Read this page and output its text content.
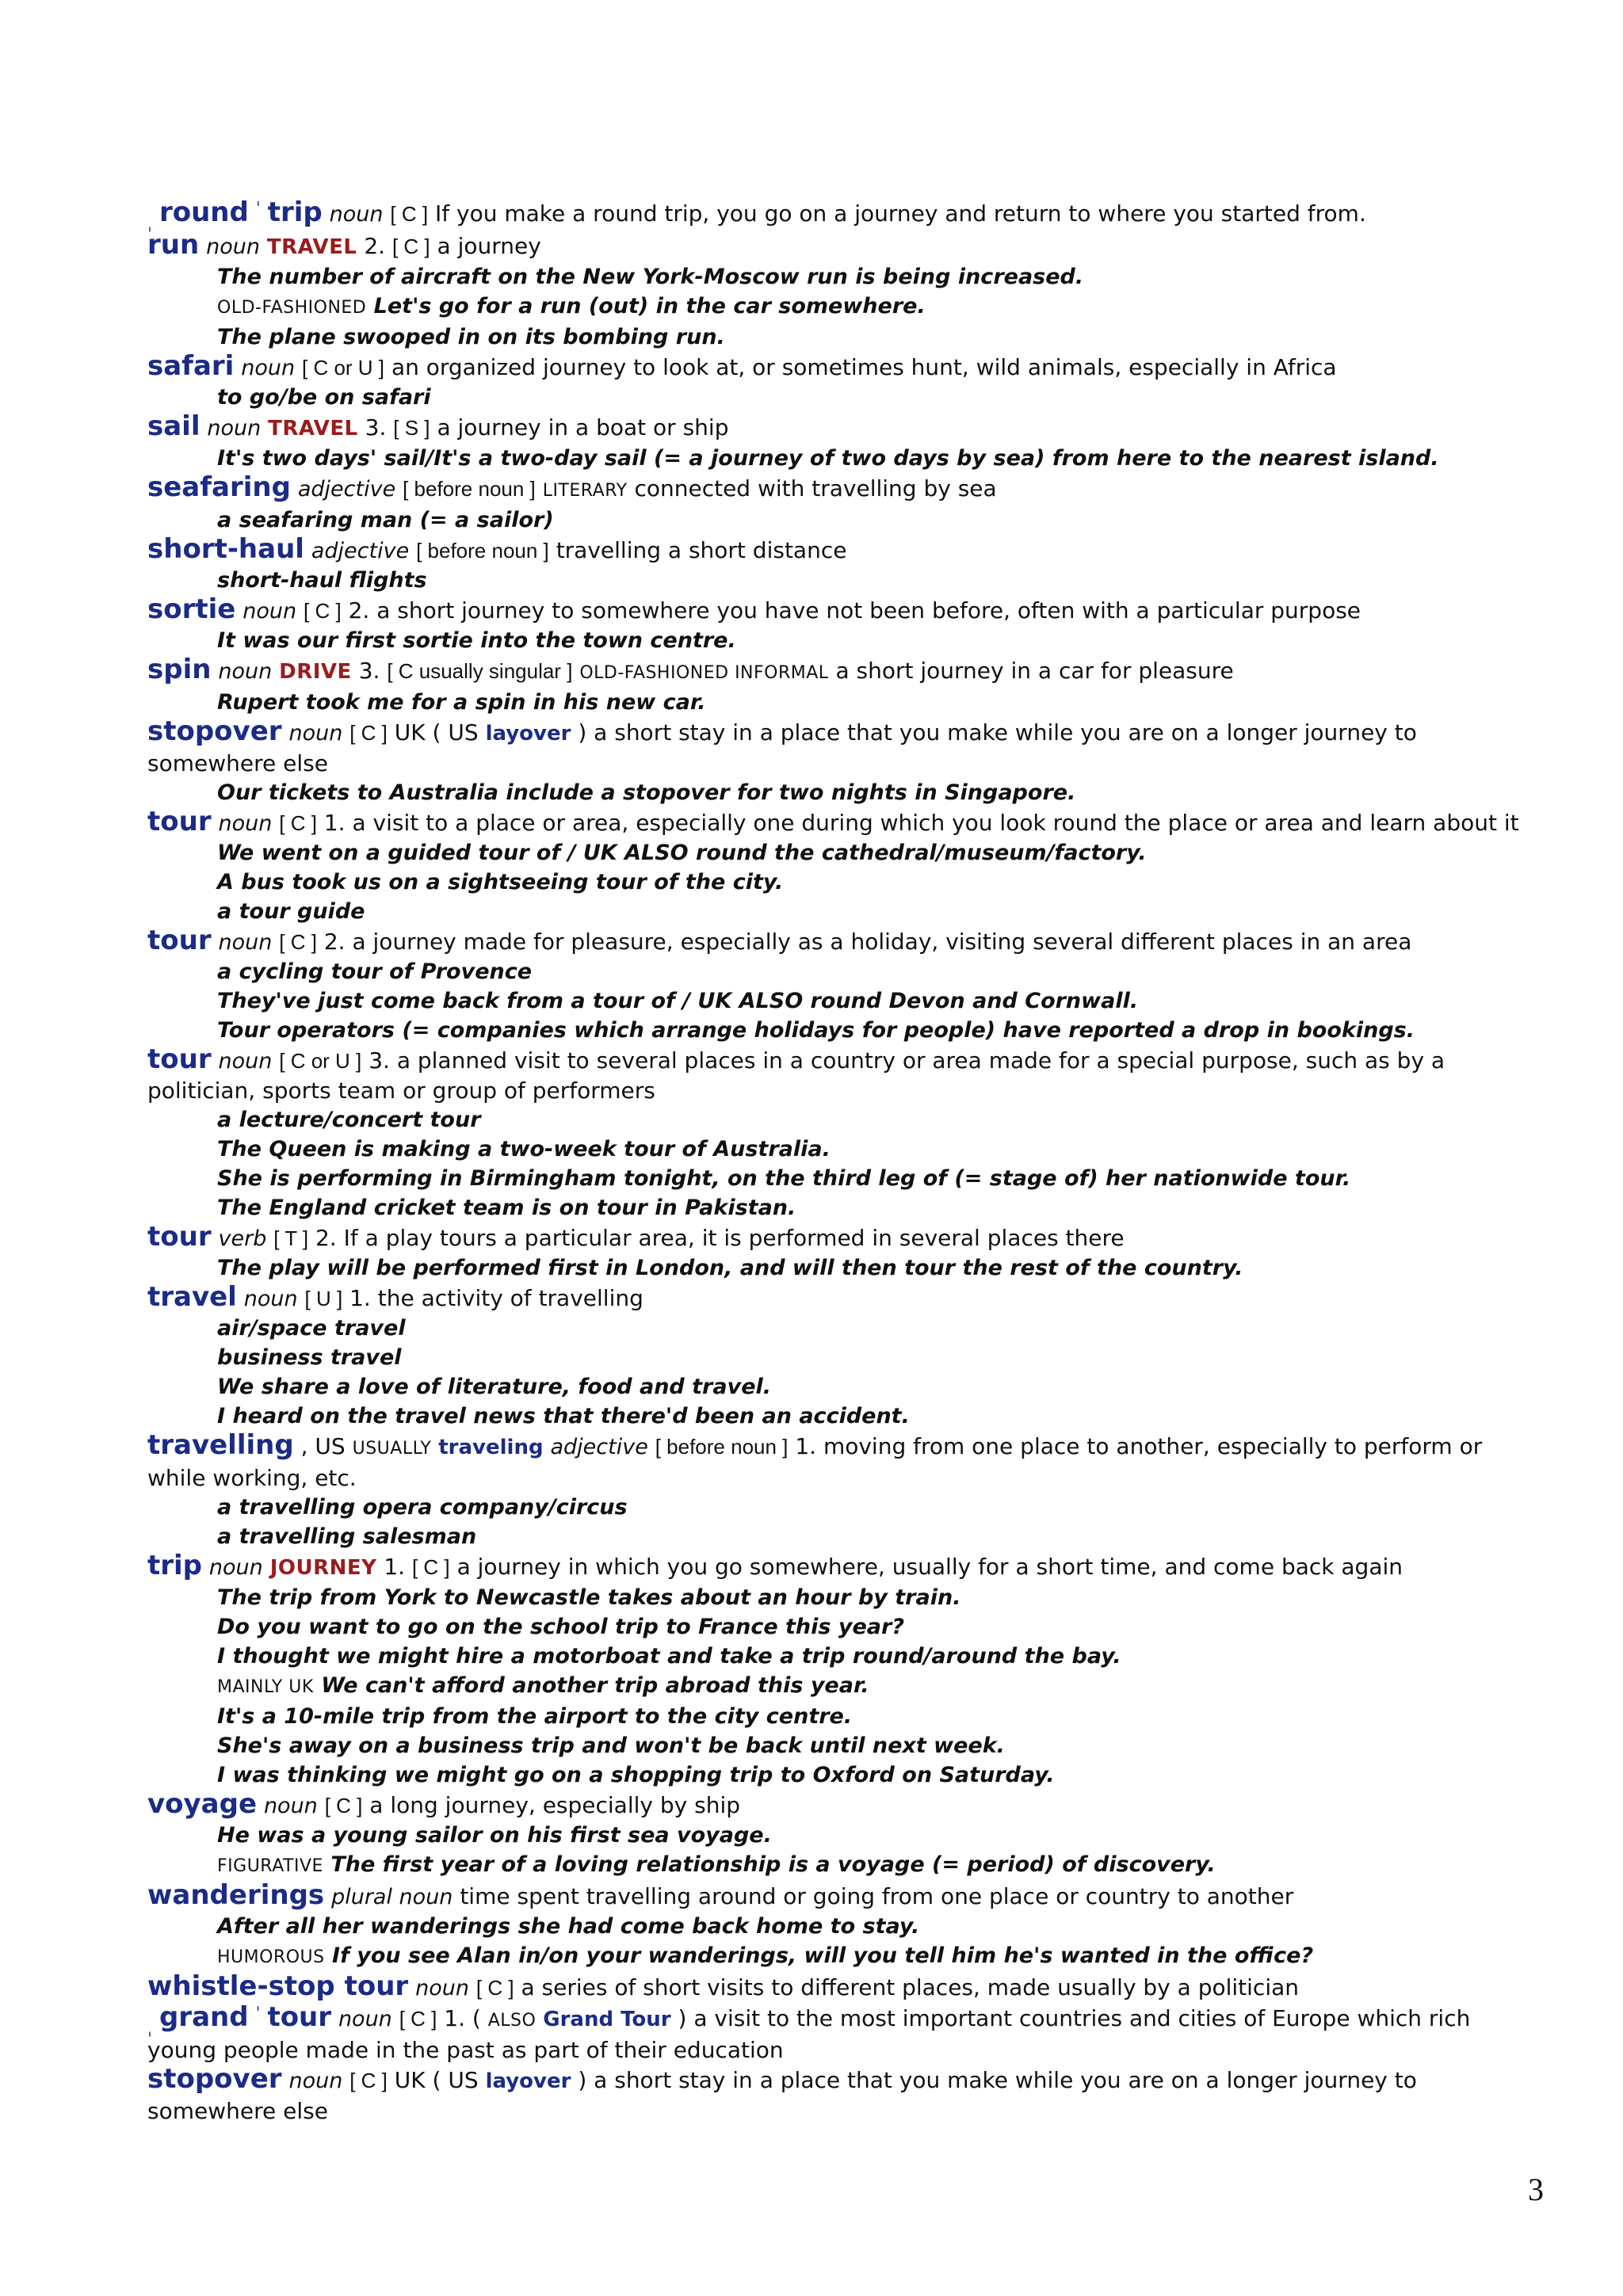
$_ˌ$ round $^ˈ$ trip noun [ C ] If you make a round trip, you go on a journey and return to where you started from.
run noun TRAVEL 2. [ C ] a journey
The number of aircraft on the New York-Moscow run is being increased.
OLD-FASHIONED Let's go for a run (out) in the car somewhere.
The plane swooped in on its bombing run.
safari noun [ C or U ] an organized journey to look at, or sometimes hunt, wild animals, especially in Africa
to go/be on safari
sail noun TRAVEL 3. [ S ] a journey in a boat or ship
It's two days' sail/It's a two-day sail (= a journey of two days by sea) from here to the nearest island.
seafaring adjective [ before noun ] LITERARY connected with travelling by sea
a seafaring man (= a sailor)
short-haul adjective [ before noun ] travelling a short distance
short-haul flights
sortie noun [ C ] 2. a short journey to somewhere you have not been before, often with a particular purpose
It was our first sortie into the town centre.
spin noun DRIVE 3. [ C usually singular ] OLD-FASHIONED INFORMAL a short journey in a car for pleasure
Rupert took me for a spin in his new car.
stopover noun [ C ] UK ( US layover ) a short stay in a place that you make while you are on a longer journey to somewhere else
Our tickets to Australia include a stopover for two nights in Singapore.
tour noun [ C ] 1. a visit to a place or area, especially one during which you look round the place or area and learn about it
We went on a guided tour of / UK ALSO round the cathedral/museum/factory.
A bus took us on a sightseeing tour of the city.
a tour guide
tour noun [ C ] 2. a journey made for pleasure, especially as a holiday, visiting several different places in an area
a cycling tour of Provence
They've just come back from a tour of / UK ALSO round Devon and Cornwall.
Tour operators (= companies which arrange holidays for people) have reported a drop in bookings.
tour noun [ C or U ] 3. a planned visit to several places in a country or area made for a special purpose, such as by a politician, sports team or group of performers
a lecture/concert tour
The Queen is making a two-week tour of Australia.
She is performing in Birmingham tonight, on the third leg of (= stage of) her nationwide tour.
The England cricket team is on tour in Pakistan.
tour verb [ T ] 2. If a play tours a particular area, it is performed in several places there
The play will be performed first in London, and will then tour the rest of the country.
travel noun [ U ] 1. the activity of travelling
air/space travel
business travel
We share a love of literature, food and travel.
I heard on the travel news that there'd been an accident.
travelling , US USUALLY traveling adjective [ before noun ] 1. moving from one place to another, especially to perform or while working, etc.
a travelling opera company/circus
a travelling salesman
trip noun JOURNEY 1. [ C ] a journey in which you go somewhere, usually for a short time, and come back again
The trip from York to Newcastle takes about an hour by train.
Do you want to go on the school trip to France this year?
I thought we might hire a motorboat and take a trip round/around the bay.
MAINLY UK We can't afford another trip abroad this year.
It's a 10-mile trip from the airport to the city centre.
She's away on a business trip and won't be back until next week.
I was thinking we might go on a shopping trip to Oxford on Saturday.
voyage noun [ C ] a long journey, especially by ship
He was a young sailor on his first sea voyage.
FIGURATIVE The first year of a loving relationship is a voyage (= period) of discovery.
wanderings plural noun time spent travelling around or going from one place or country to another
After all her wanderings she had come back home to stay.
HUMOROUS If you see Alan in/on your wanderings, will you tell him he's wanted in the office?
whistle-stop tour noun [ C ] a series of short visits to different places, made usually by a politician
$_ˌ$ grand $^ˈ$ tour noun [ C ] 1. ( ALSO Grand Tour ) a visit to the most important countries and cities of Europe which rich young people made in the past as part of their education
stopover noun [ C ] UK ( US layover ) a short stay in a place that you make while you are on a longer journey to somewhere else
3
